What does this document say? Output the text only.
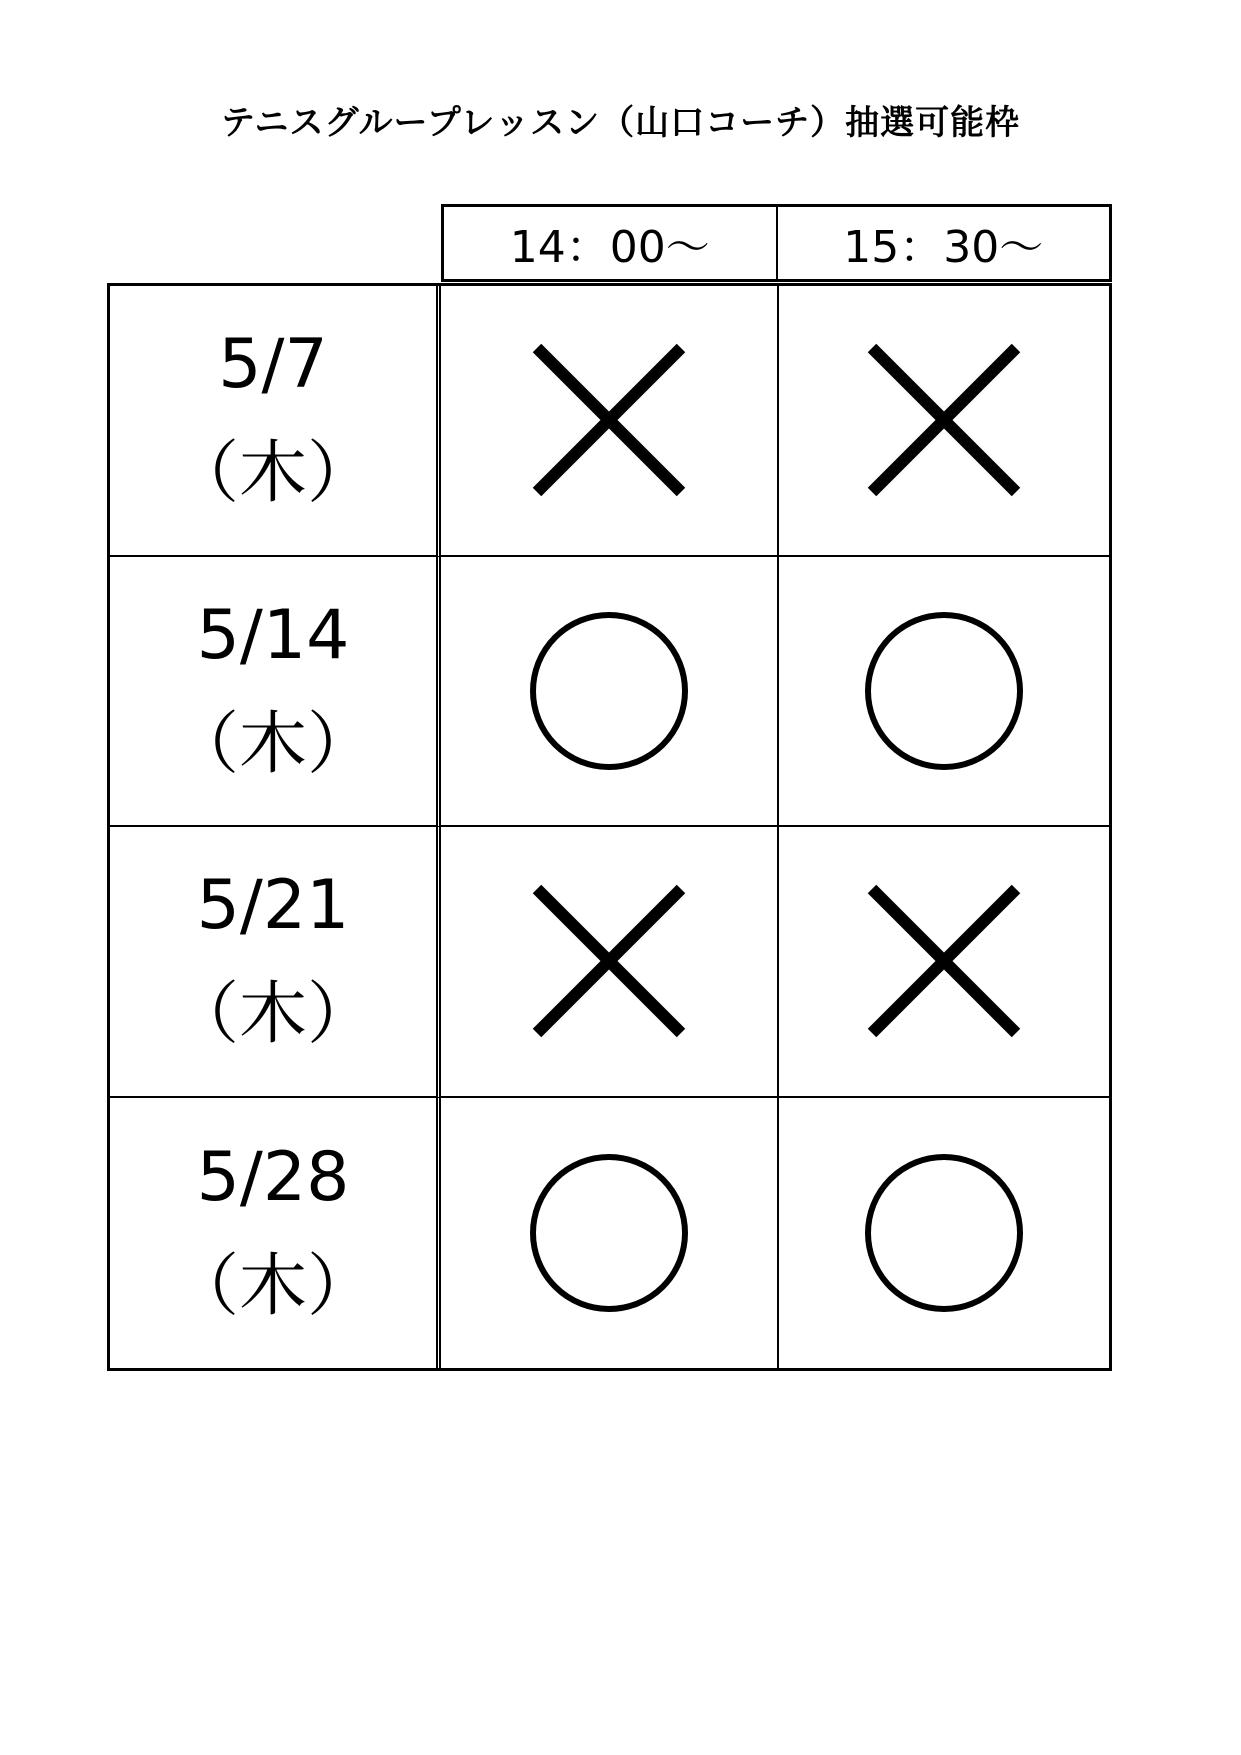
テニスグループレッスン（山口コーチ）抽選可能枠
14：00〜	15：30〜
5/7
（木）
5/14
（木）
5/21
（木）
5/28
（木）
